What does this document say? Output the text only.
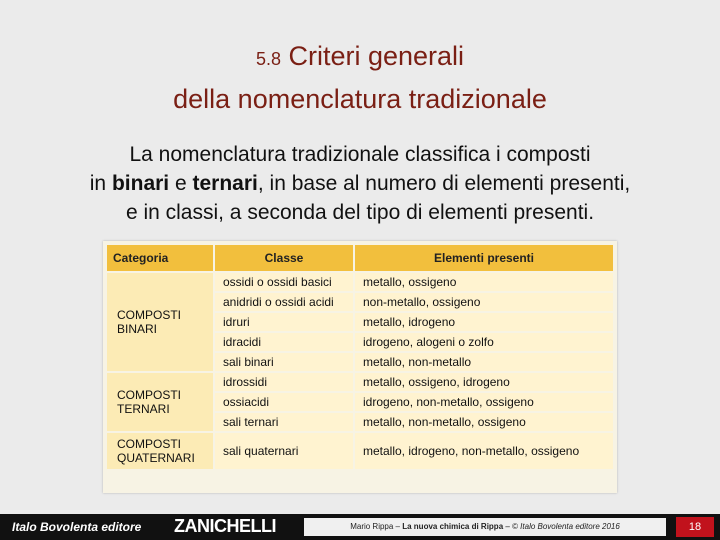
5.8 Criteri generali
della nomenclatura tradizionale
La nomenclatura tradizionale classifica i composti
in binari e ternari, in base al numero di elementi presenti,
e in classi, a seconda del tipo di elementi presenti.
Categoria	Classe	Elementi presenti

COMPOSTI
BINARI	ossidi o ossidi basici	metallo, ossigeno
	anidridi o ossidi acidi	non-metallo, ossigeno
	idruri	metallo, idrogeno
	idracidi	idrogeno, alogeni o zolfo
	sali binari	metallo, non-metallo

COMPOSTI
TERNARI	idrossidi	metallo, ossigeno, idrogeno
	ossiacidi	idrogeno, non-metallo, ossigeno
	sali ternari	metallo, non-metallo, ossigeno

COMPOSTI
QUATERNARI	sali quaternari	metallo, idrogeno, non-metallo, ossigeno
Italo Bovolenta editore ZANICHELLI	Mario Rippa – La nuova chimica di Rippa – © Italo Bovolenta editore 2016	18
